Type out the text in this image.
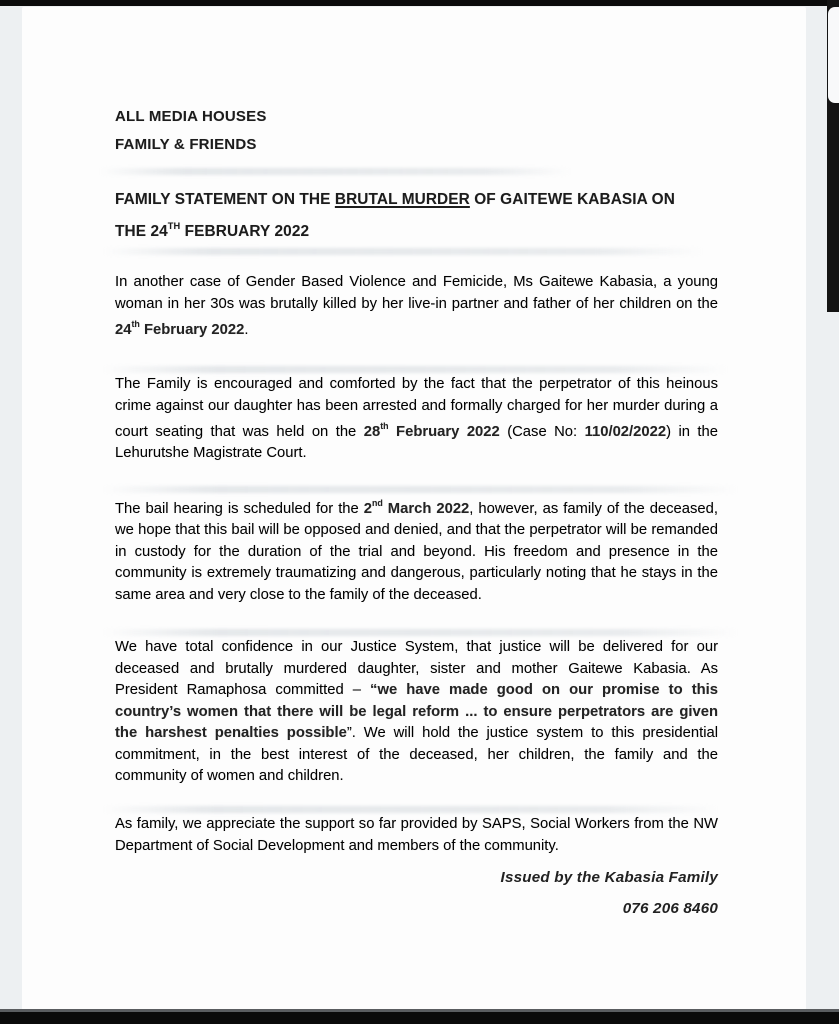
ALL MEDIA HOUSES
FAMILY & FRIENDS
FAMILY STATEMENT ON THE BRUTAL MURDER OF GAITEWE KABASIA ON THE 24TH FEBRUARY 2022

In another case of Gender Based Violence and Femicide, Ms Gaitewe Kabasia, a young woman in her 30s was brutally killed by her live-in partner and father of her children on the 24th February 2022.

The Family is encouraged and comforted by the fact that the perpetrator of this heinous crime against our daughter has been arrested and formally charged for her murder during a court seating that was held on the 28th February 2022 (Case No: 110/02/2022) in the Lehurutshe Magistrate Court.

The bail hearing is scheduled for the 2nd March 2022, however, as family of the deceased, we hope that this bail will be opposed and denied, and that the perpetrator will be remanded in custody for the duration of the trial and beyond. His freedom and presence in the community is extremely traumatizing and dangerous, particularly noting that he stays in the same area and very close to the family of the deceased.

We have total confidence in our Justice System, that justice will be delivered for our deceased and brutally murdered daughter, sister and mother Gaitewe Kabasia. As President Ramaphosa committed – “we have made good on our promise to this country’s women that there will be legal reform ... to ensure perpetrators are given the harshest penalties possible”. We will hold the justice system to this presidential commitment, in the best interest of the deceased, her children, the family and the community of women and children.

As family, we appreciate the support so far provided by SAPS, Social Workers from the NW Department of Social Development and members of the community.

Issued by the Kabasia Family
076 206 8460
